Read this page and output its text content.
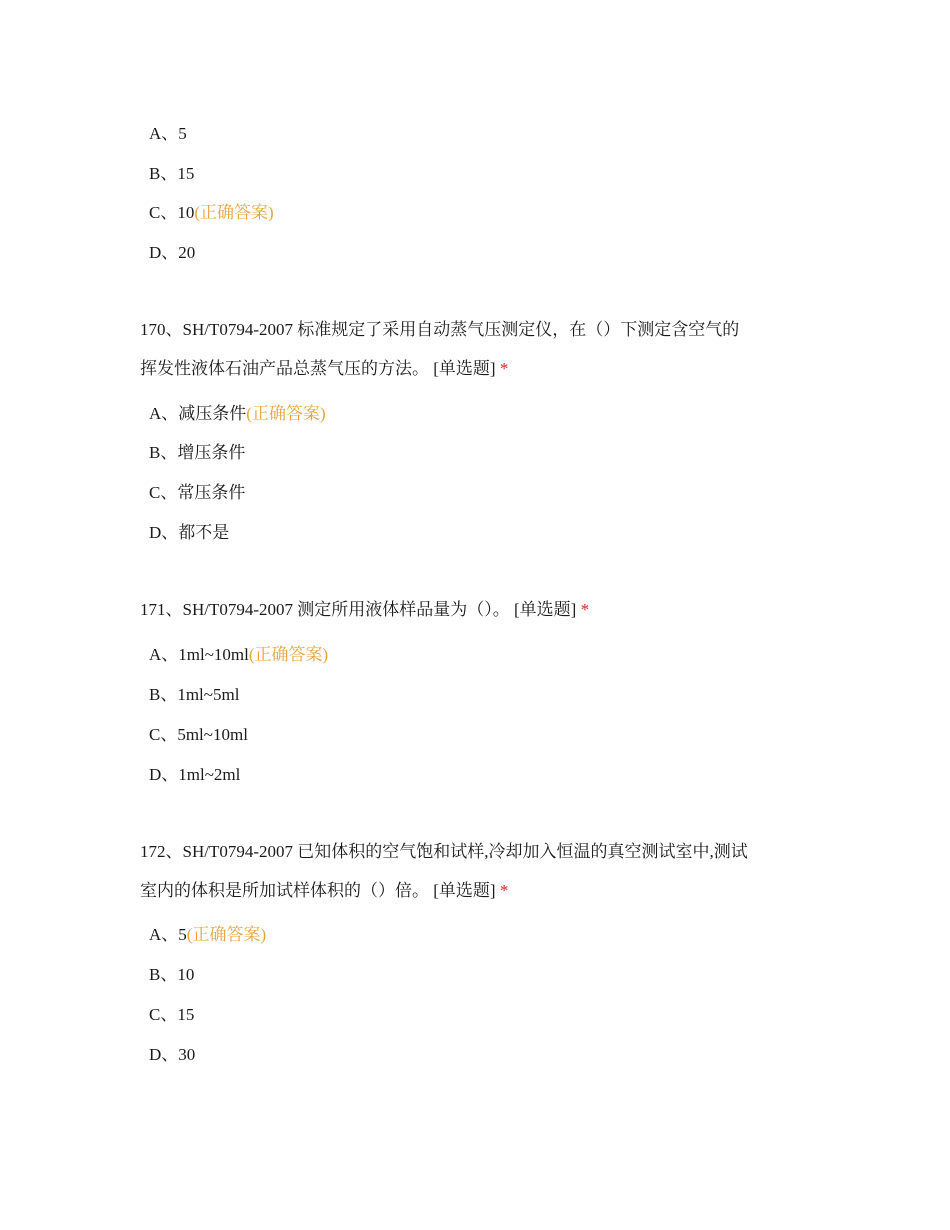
A、5
B、15
C、10(正确答案)
D、20
170、SH/T0794-2007 标准规定了采用自动蒸气压测定仪，在（）下测定含空气的
挥发性液体石油产品总蒸气压的方法。 [单选题] *
A、减压条件(正确答案)
B、增压条件
C、常压条件
D、都不是
171、SH/T0794-2007 测定所用液体样品量为（）。 [单选题] *
A、1ml~10ml(正确答案)
B、1ml~5ml
C、5ml~10ml
D、1ml~2ml
172、SH/T0794-2007 已知体积的空气饱和试样,冷却加入恒温的真空测试室中,测试
室内的体积是所加试样体积的（）倍。 [单选题] *
A、5(正确答案)
B、10
C、15
D、30
